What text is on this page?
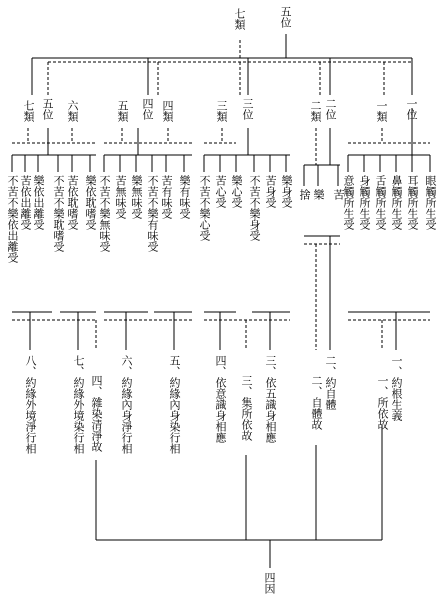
五位
七類
七類 五位 六類	五類 四位 四類	三類 三位	二類 二位	一類 一位
不苦不樂依出離受 苦依出離受 樂依出離受 不苦不樂耽嗜受 苦依耽嗜受 樂依耽嗜受 不苦不樂無味受 苦無味受 樂無味受 不苦不樂有味受 苦有味受 樂有味受 不苦不樂心受 苦心受 樂心受 不苦不樂身受 苦身受 樂身受 捨 樂 苦
意觸所生受 身觸所生受 舌觸所生受 鼻觸所生受 耳觸所生受 眼觸所生受
八、約緣外境淨行相	七、約緣外境染行相 四、雜染清淨故 六、約緣內身淨行相	五、約緣內身染行相	四、依意識身相應 三、集所依故 三、依五識身相應	二、約自體
二、自體故	一、約根生義
一、所依故
四因
